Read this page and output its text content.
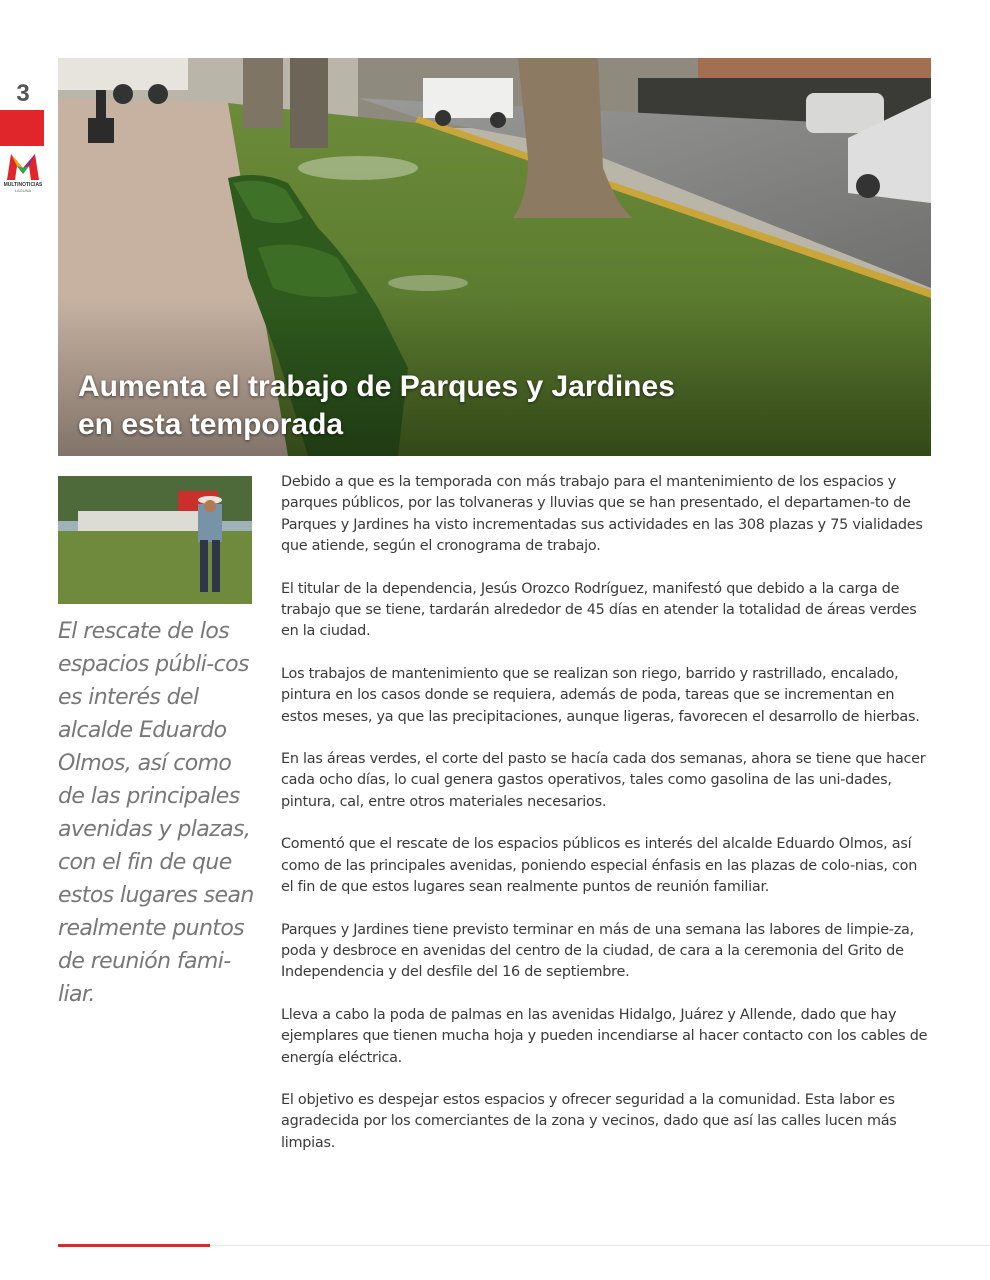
3
MULTINOTICIAS
LAGUNA
Aumenta el trabajo de Parques y Jardines
en esta temporada

El rescate de los espacios públi-cos es interés del alcalde Eduardo Olmos, así como de las principales avenidas y plazas, con el fin de que estos lugares sean realmente puntos de reunión fami-liar.

Debido a que es la temporada con más trabajo para el mantenimiento de los espacios y parques públicos, por las tolvaneras y lluvias que se han presentado, el departamen-to de Parques y Jardines ha visto incrementadas sus actividades en las 308 plazas y 75 vialidades que atiende, según el cronograma de trabajo.

El titular de la dependencia, Jesús Orozco Rodríguez, manifestó que debido a la carga de trabajo que se tiene, tardarán alrededor de 45 días en atender la totalidad de áreas verdes en la ciudad.

Los trabajos de mantenimiento que se realizan son riego, barrido y rastrillado, encalado, pintura en los casos donde se requiera, además de poda, tareas que se incrementan en estos meses, ya que las precipitaciones, aunque ligeras, favorecen el desarrollo de hierbas.

En las áreas verdes, el corte del pasto se hacía cada dos semanas, ahora se tiene que hacer cada ocho días, lo cual genera gastos operativos, tales como gasolina de las uni-dades, pintura, cal, entre otros materiales necesarios.

Comentó que el rescate de los espacios públicos es interés del alcalde Eduardo Olmos, así como de las principales avenidas, poniendo especial énfasis en las plazas de colo-nias, con el fin de que estos lugares sean realmente puntos de reunión familiar.

Parques y Jardines tiene previsto terminar en más de una semana las labores de limpie-za, poda y desbroce en avenidas del centro de la ciudad, de cara a la ceremonia del Grito de Independencia y del desfile del 16 de septiembre.

Lleva a cabo la poda de palmas en las avenidas Hidalgo, Juárez y Allende, dado que hay ejemplares que tienen mucha hoja y pueden incendiarse al hacer contacto con los cables de energía eléctrica.

El objetivo es despejar estos espacios y ofrecer seguridad a la comunidad. Esta labor es agradecida por los comerciantes de la zona y vecinos, dado que así las calles lucen más limpias.
